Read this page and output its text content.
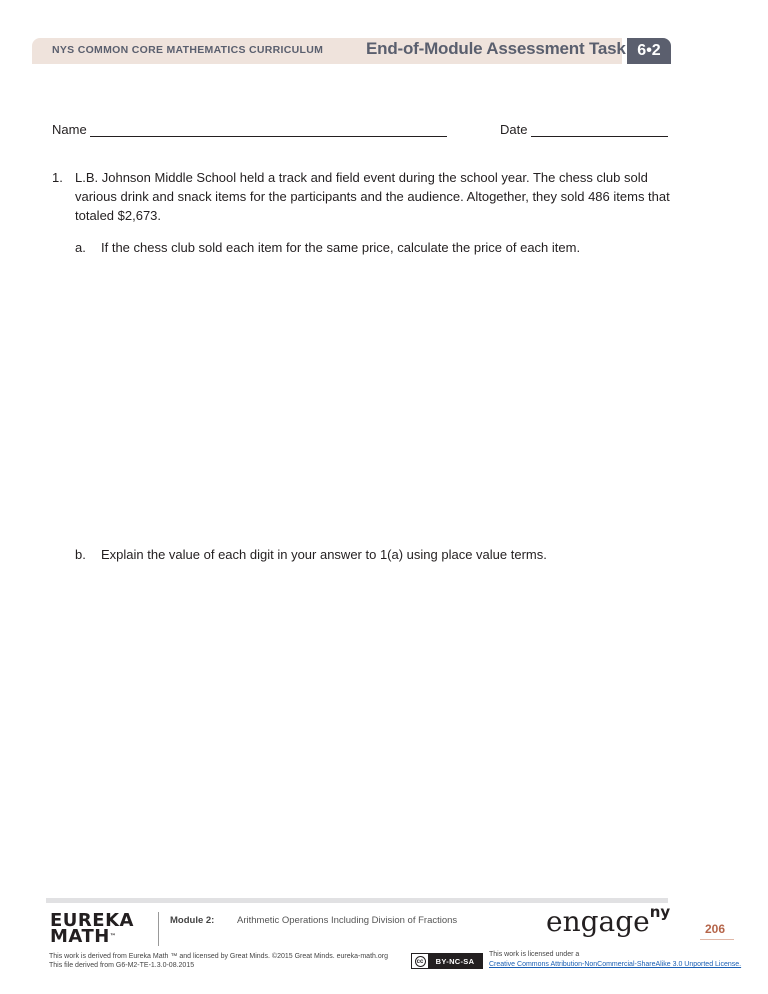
NYS COMMON CORE MATHEMATICS CURRICULUM	End-of-Module Assessment Task 6•2
Name	Date
1. L.B. Johnson Middle School held a track and field event during the school year. The chess club sold various drink and snack items for the participants and the audience. Altogether, they sold 486 items that totaled $2,673.
a. If the chess club sold each item for the same price, calculate the price of each item.
b. Explain the value of each digit in your answer to 1(a) using place value terms.
EUREKA
MATH™
Module 2: Arithmetic Operations Including Division of Fractions
This work is derived from Eureka Math ™ and licensed by Great Minds. ©2015 Great Minds. eureka-math.org
This file derived from G6-M2-TE-1.3.0-08.2015
engage$^{ny}$
206
cc	BY-NC-SA
This work is licensed under a
Creative Commons Attribution-NonCommercial-ShareAlike 3.0 Unported License.
